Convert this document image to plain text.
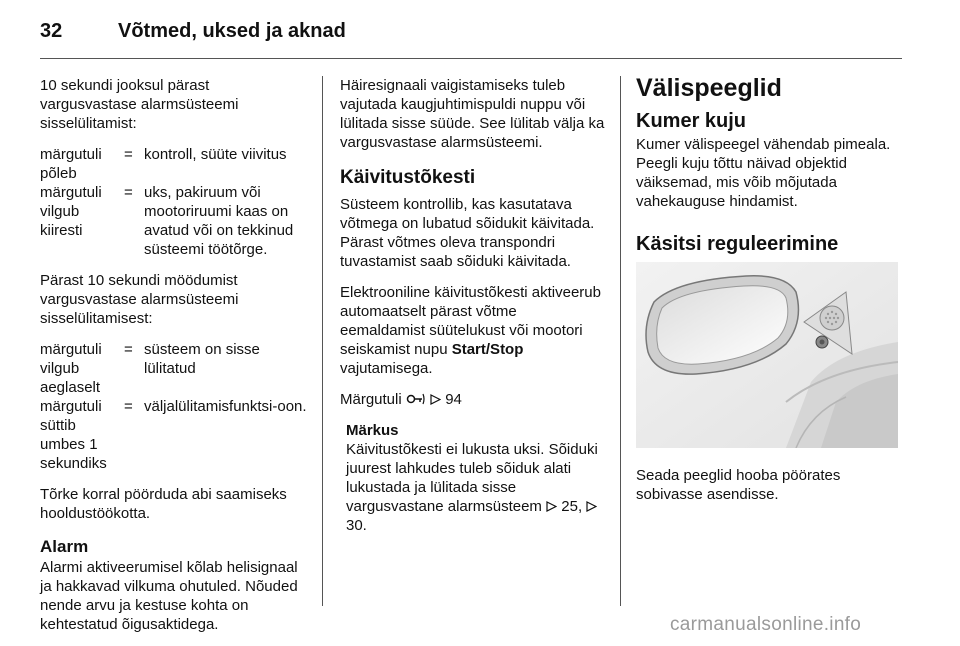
32	Võtmed, uksed ja aknad

10 sekundi jooksul pärast vargusvastase alarmsüsteemi sisselülitamist:

märgutuli põleb
= kontroll, süüte viivitus
märgutuli vilgub kiiresti
= uks, pakiruum või mootoriruumi kaas on avatud või on tekkinud süsteemi töötõrge.

Pärast 10 sekundi möödumist vargusvastase alarmsüsteemi sisselülitamisest:

märgutuli vilgub aeglaselt
= süsteem on sisse lülitatud
märgutuli süttib umbes 1 sekundiks
= väljalülitamisfunktsi-oon.

Tõrke korral pöörduda abi saamiseks hooldustöökotta.

Alarm

Alarmi aktiveerumisel kõlab helisignaal ja hakkavad vilkuma ohutuled. Nõuded nende arvu ja kestuse kohta on kehtestatud õigusaktidega.

Häiresignaali vaigistamiseks tuleb vajutada kaugjuhtimispuldi nuppu või lülitada sisse süüde. See lülitab välja ka vargusvastase alarmsüsteemi.

Käivitustõkesti

Süsteem kontrollib, kas kasutatava võtmega on lubatud sõidukit käivitada. Pärast võtmes oleva transpondri tuvastamist saab sõiduki käivitada.

Elektrooniline käivitustõkesti aktiveerub automaatselt pärast võtme eemaldamist süütelukust või mootori seiskamist nupu Start/Stop vajutamisega.

Märgutuli	94

Märkus
Käivitustõkesti ei lukusta uksi. Sõiduki juurest lahkudes tuleb sõiduk alati lukustada ja lülitada sisse vargusvastane alarmsüsteem 25,  30.
Välispeeglid
Kumer kuju

Kumer välispeegel vähendab pimeala. Peegli kuju tõttu näivad objektid väiksemad, mis võib mõjutada vahekauguse hindamist.

Käsitsi reguleerimine

Seada peeglid hooba pöörates sobivasse asendisse.

carmanualsonline.info
